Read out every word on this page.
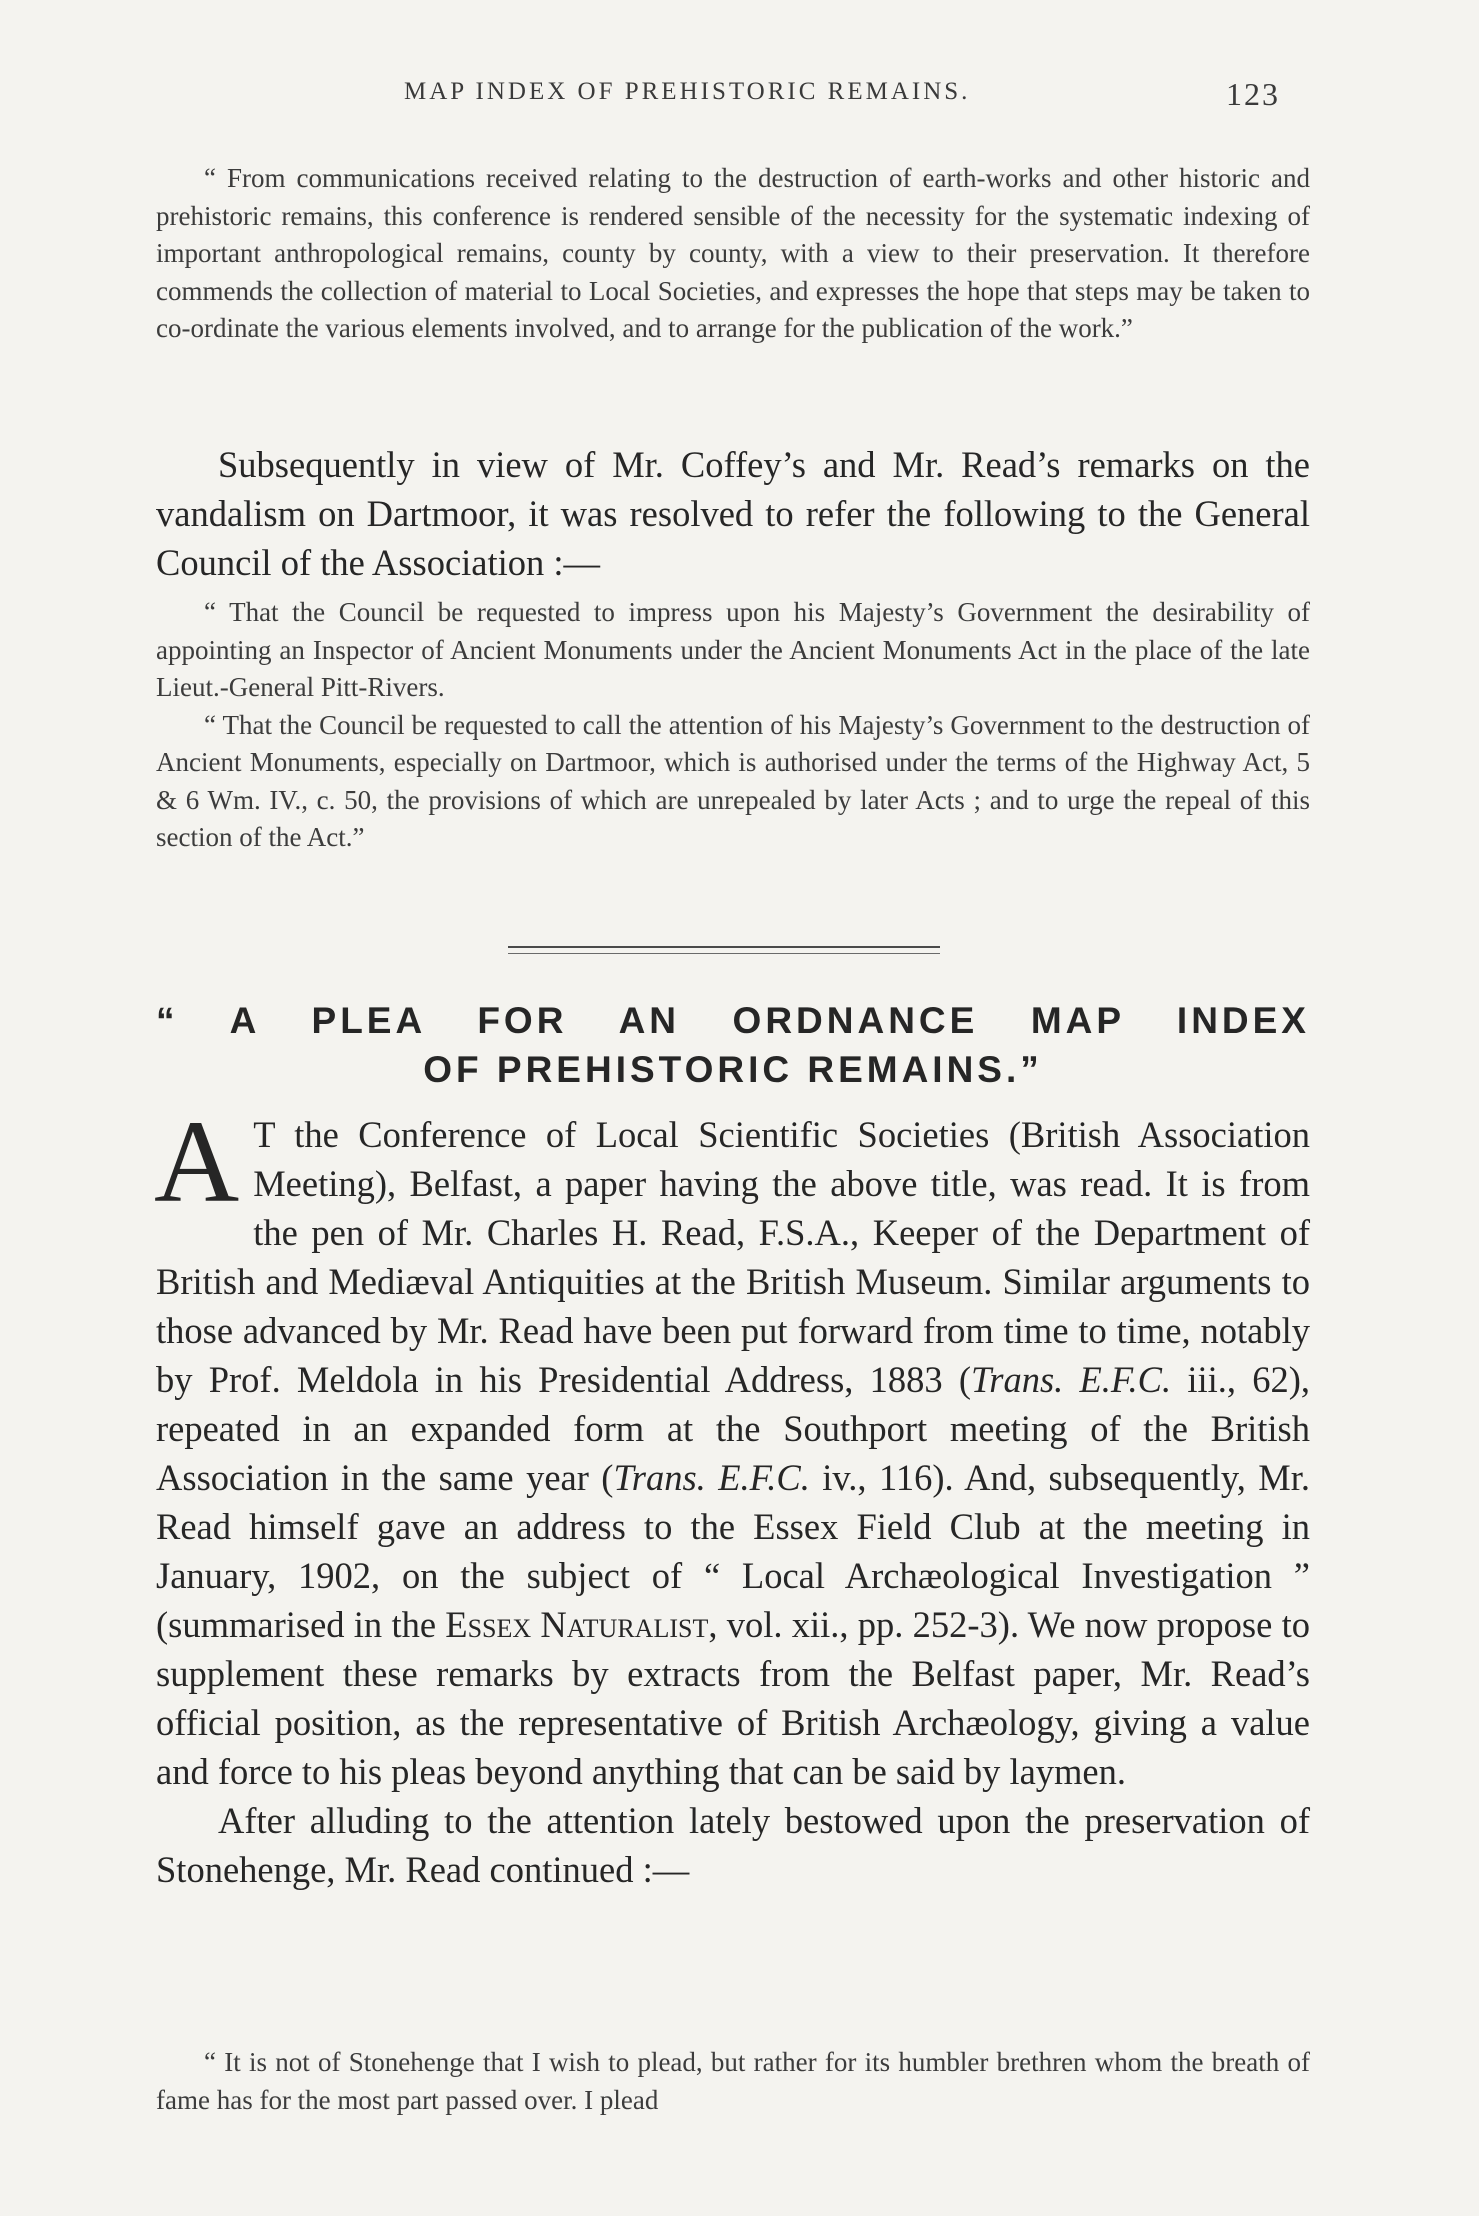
MAP INDEX OF PREHISTORIC REMAINS.	123

“ From communications received relating to the destruction of earth-works and other historic and prehistoric remains, this conference is rendered sensible of the necessity for the systematic indexing of important anthropological remains, county by county, with a view to their preservation. It therefore commends the collection of material to Local Societies, and expresses the hope that steps may be taken to co-ordinate the various elements involved, and to arrange for the publication of the work.”

Subsequently in view of Mr. Coffey’s and Mr. Read’s remarks on the vandalism on Dartmoor, it was resolved to refer the following to the General Council of the Association :—

“ That the Council be requested to impress upon his Majesty’s Government the desirability of appointing an Inspector of Ancient Monuments under the Ancient Monuments Act in the place of the late Lieut.-General Pitt-Rivers.

“ That the Council be requested to call the attention of his Majesty’s Government to the destruction of Ancient Monuments, especially on Dartmoor, which is authorised under the terms of the Highway Act, 5 & 6 Wm. IV., c. 50, the provisions of which are unrepealed by later Acts ; and to urge the repeal of this section of the Act.”

“ A PLEA FOR AN ORDNANCE MAP INDEX
OF PREHISTORIC REMAINS.”

A T the Conference of Local Scientific Societies (British Association Meeting), Belfast, a paper having the above title, was read. It is from the pen of Mr. Charles H. Read, F.S.A., Keeper of the Department of British and Mediæval Antiquities at the British Museum. Similar arguments to those advanced by Mr. Read have been put forward from time to time, notably by Prof. Meldola in his Presidential Address, 1883 (Trans. E.F.C. iii., 62), repeated in an expanded form at the Southport meeting of the British Association in the same year (Trans. E.F.C. iv., 116). And, subsequently, Mr. Read himself gave an address to the Essex Field Club at the meeting in January, 1902, on the subject of “ Local Archæological Investigation ” (summarised in the Essex Naturalist, vol. xii., pp. 252-3). We now propose to supplement these remarks by extracts from the Belfast paper, Mr. Read’s official position, as the representative of British Archæology, giving a value and force to his pleas beyond anything that can be said by laymen.

After alluding to the attention lately bestowed upon the preservation of Stonehenge, Mr. Read continued :—

“ It is not of Stonehenge that I wish to plead, but rather for its humbler brethren whom the breath of fame has for the most part passed over. I plead
